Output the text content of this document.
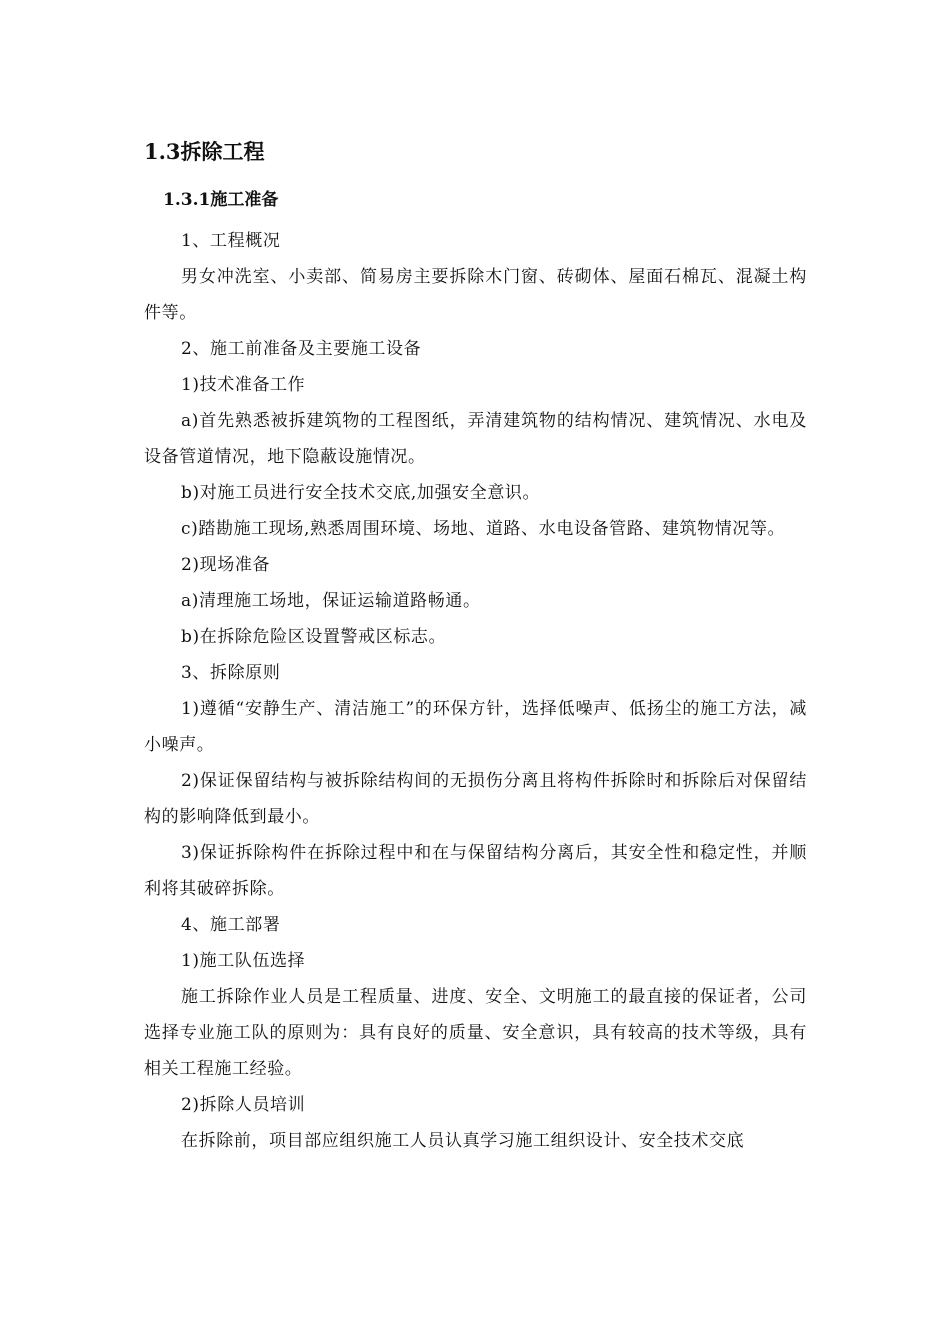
1.3拆除工程
1.3.1施工准备

1、工程概况

男女冲洗室、小卖部、简易房主要拆除木门窗、砖砌体、屋面石棉瓦、混凝土构件等。

2、施工前准备及主要施工设备

1)技术准备工作

a)首先熟悉被拆建筑物的工程图纸，弄清建筑物的结构情况、建筑情况、水电及设备管道情况，地下隐蔽设施情况。

b)对施工员进行安全技术交底,加强安全意识。

c)踏勘施工现场,熟悉周围环境、场地、道路、水电设备管路、建筑物情况等。

2)现场准备

a)清理施工场地，保证运输道路畅通。

b)在拆除危险区设置警戒区标志。

3、拆除原则

1)遵循“安静生产、清洁施工”的环保方针，选择低噪声、低扬尘的施工方法，减小噪声。

2)保证保留结构与被拆除结构间的无损伤分离且将构件拆除时和拆除后对保留结构的影响降低到最小。

3)保证拆除构件在拆除过程中和在与保留结构分离后，其安全性和稳定性，并顺利将其破碎拆除。

4、施工部署

1)施工队伍选择

施工拆除作业人员是工程质量、进度、安全、文明施工的最直接的保证者，公司选择专业施工队的原则为：具有良好的质量、安全意识，具有较高的技术等级，具有相关工程施工经验。

2)拆除人员培训

在拆除前，项目部应组织施工人员认真学习施工组织设计、安全技术交底
